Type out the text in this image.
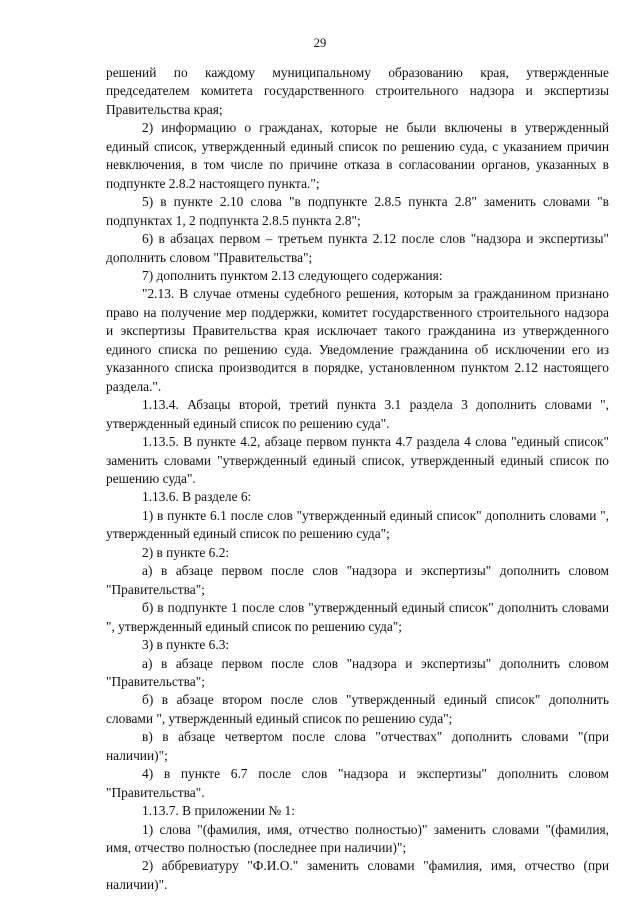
29

решений по каждому муниципальному образованию края, утвержденные председателем комитета государственного строительного надзора и экспертизы Правительства края;

2) информацию о гражданах, которые не были включены в утвержденный единый список, утвержденный единый список по решению суда, с указанием причин невключения, в том числе по причине отказа в согласовании органов, указанных в подпункте 2.8.2 настоящего пункта.";

5) в пункте 2.10 слова "в подпункте 2.8.5 пункта 2.8" заменить словами "в подпунктах 1, 2 подпункта 2.8.5 пункта 2.8";

6) в абзацах первом – третьем пункта 2.12 после слов "надзора и экспертизы" дополнить словом "Правительства";

7) дополнить пунктом 2.13 следующего содержания:

"2.13. В случае отмены судебного решения, которым за гражданином признано право на получение мер поддержки, комитет государственного строительного надзора и экспертизы Правительства края исключает такого гражданина из утвержденного единого списка по решению суда. Уведомление гражданина об исключении его из указанного списка производится в порядке, установленном пунктом 2.12 настоящего раздела.".

1.13.4. Абзацы второй, третий пункта 3.1 раздела 3 дополнить словами ", утвержденный единый список по решению суда".

1.13.5. В пункте 4.2, абзаце первом пункта 4.7 раздела 4 слова "единый список" заменить словами "утвержденный единый список, утвержденный единый список по решению суда".

1.13.6. В разделе 6:

1) в пункте 6.1 после слов "утвержденный единый список" дополнить словами ", утвержденный единый список по решению суда";

2) в пункте 6.2:

а) в абзаце первом после слов "надзора и экспертизы" дополнить словом "Правительства";

б) в подпункте 1 после слов "утвержденный единый список" дополнить словами ", утвержденный единый список по решению суда";

3) в пункте 6.3:

а) в абзаце первом после слов "надзора и экспертизы" дополнить словом "Правительства";

б) в абзаце втором после слов "утвержденный единый список" дополнить словами ", утвержденный единый список по решению суда";

в) в абзаце четвертом после слова "отчествах" дополнить словами "(при наличии)";

4) в пункте 6.7 после слов "надзора и экспертизы" дополнить словом "Правительства".

1.13.7. В приложении № 1:

1) слова "(фамилия, имя, отчество полностью)" заменить словами "(фамилия, имя, отчество полностью (последнее при наличии)";

2) аббревиатуру "Ф.И.О." заменить словами "фамилия, имя, отчество (при наличии)".
